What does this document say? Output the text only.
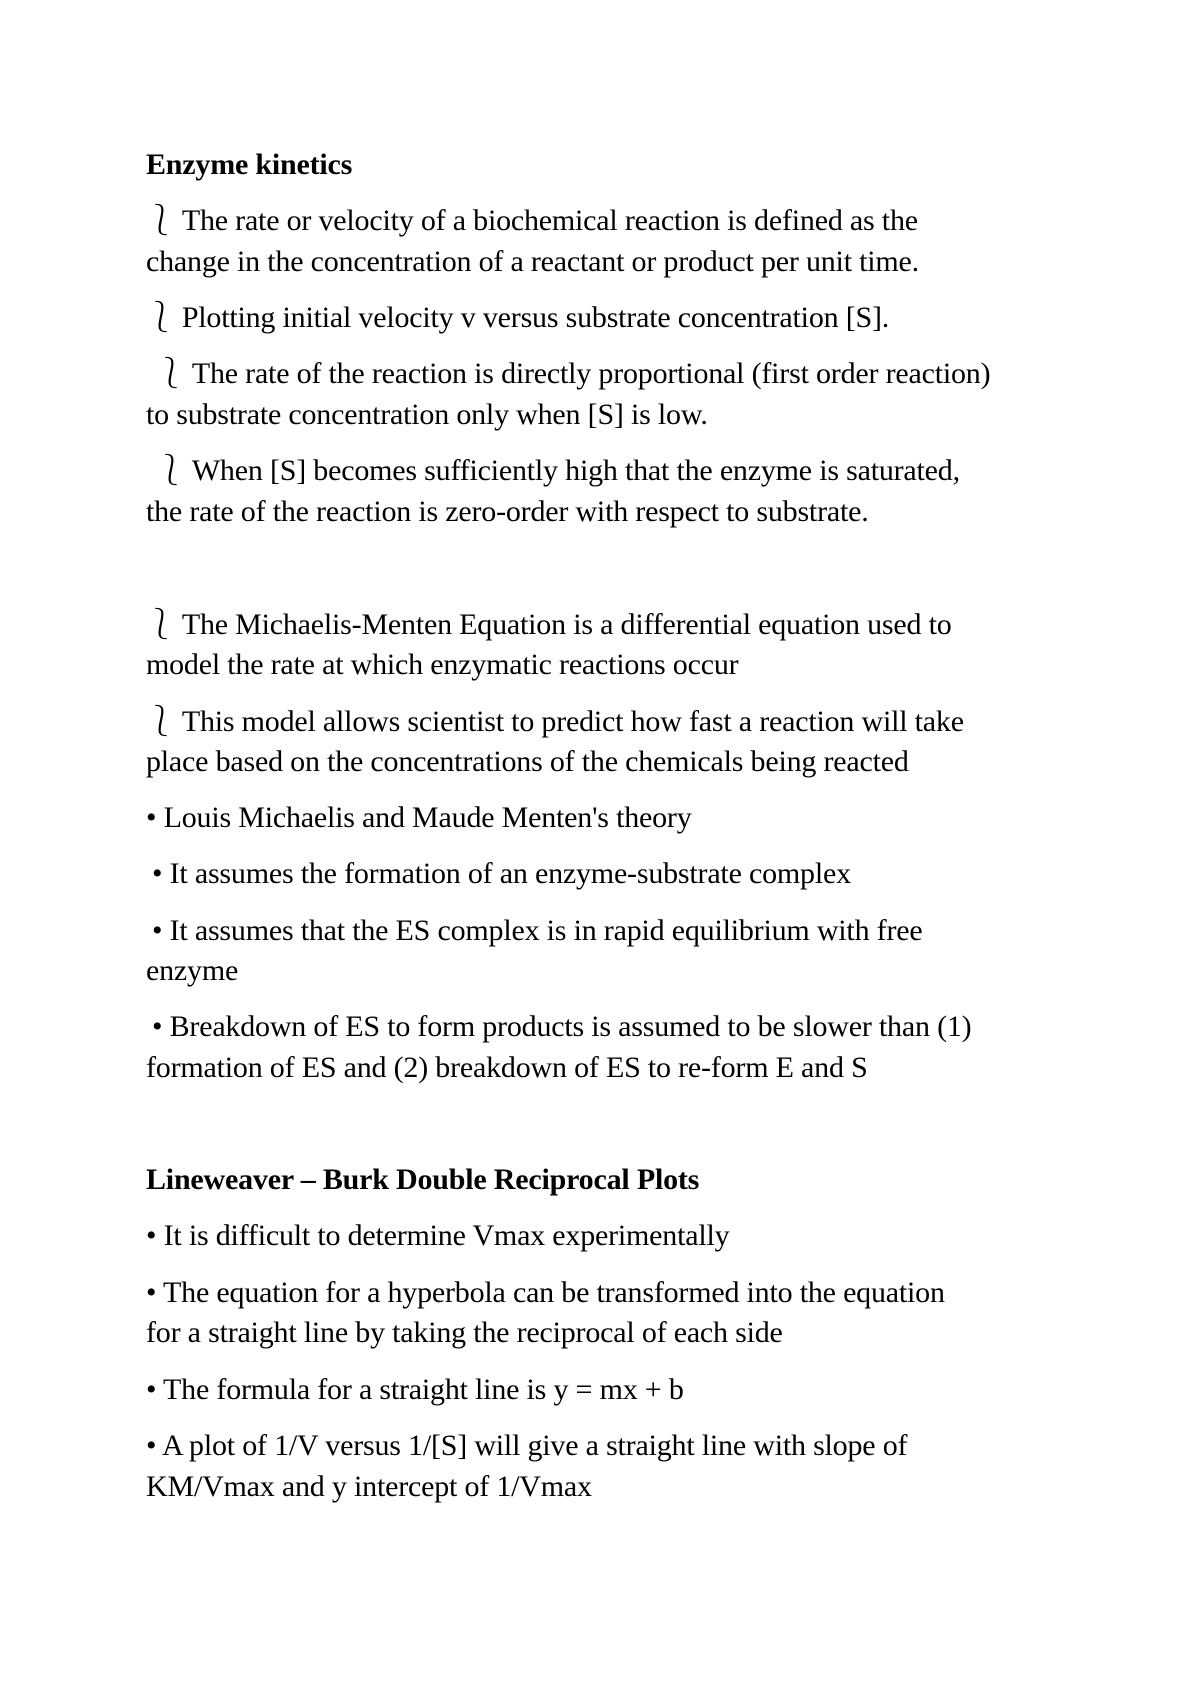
Enzyme kinetics
⎱ The rate or velocity of a biochemical reaction is defined as the
change in the concentration of a reactant or product per unit time.
⎱ Plotting initial velocity v versus substrate concentration [S].
⎱ The rate of the reaction is directly proportional (first order reaction)
to substrate concentration only when [S] is low.
⎱ When [S] becomes sufficiently high that the enzyme is saturated,
the rate of the reaction is zero-order with respect to substrate.
⎱ The Michaelis-Menten Equation is a differential equation used to
model the rate at which enzymatic reactions occur
⎱ This model allows scientist to predict how fast a reaction will take
place based on the concentrations of the chemicals being reacted
• Louis Michaelis and Maude Menten's theory
• It assumes the formation of an enzyme-substrate complex
• It assumes that the ES complex is in rapid equilibrium with free
enzyme
• Breakdown of ES to form products is assumed to be slower than (1)
formation of ES and (2) breakdown of ES to re-form E and S
Lineweaver – Burk Double Reciprocal Plots
• It is difficult to determine Vmax experimentally
• The equation for a hyperbola can be transformed into the equation
for a straight line by taking the reciprocal of each side
• The formula for a straight line is y = mx + b
• A plot of 1/V versus 1/[S] will give a straight line with slope of
KM/Vmax and y intercept of 1/Vmax
